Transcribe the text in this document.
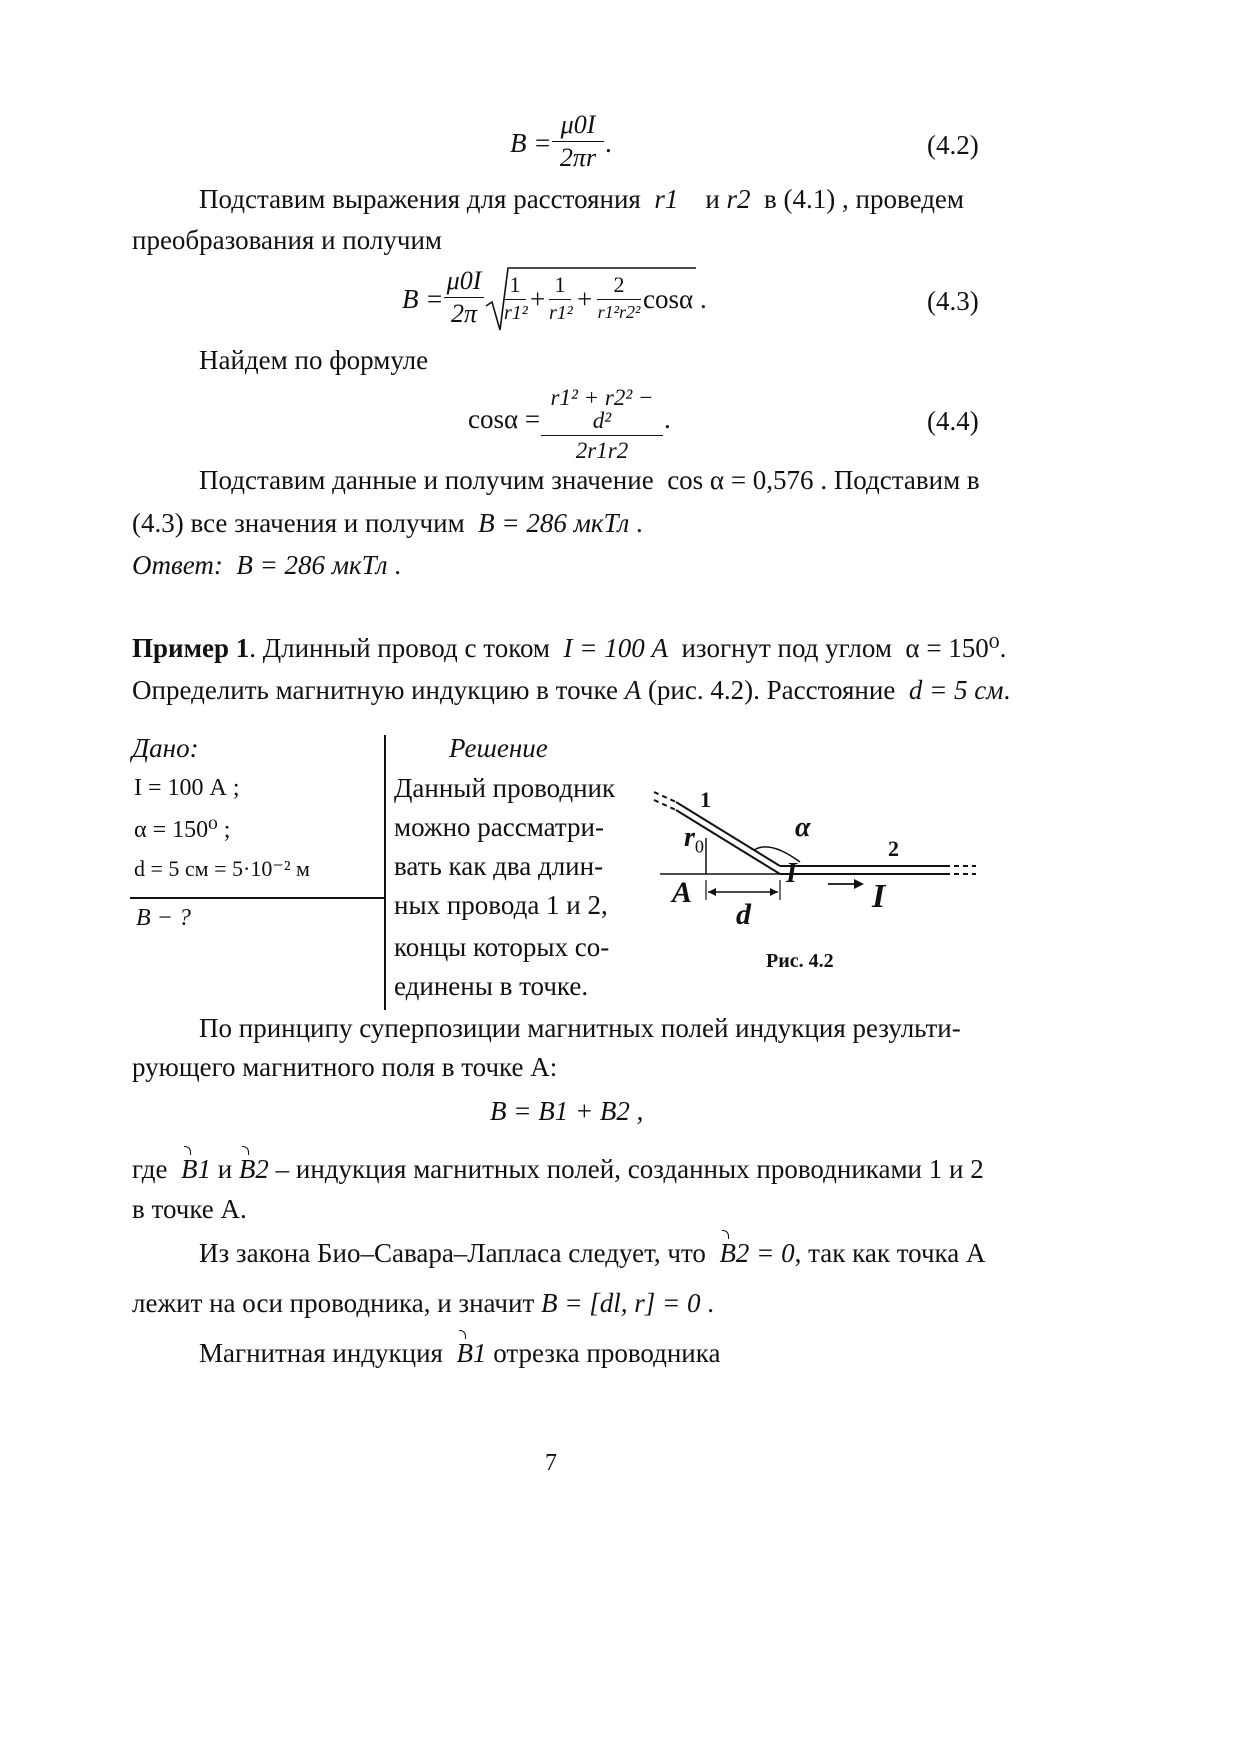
B =
μ0I
2πr .	(4.2)
Подставим выражения для расстояния r1 и r2 в (4.1) , проведем
преобразования и получим
B =
μ0I
2π
1
r1² + 1
r1² + 2
r1²r2² cosα .	(4.3)
Найдем по формуле
cosα =
r1² + r2² − d²
2r1r2
.	(4.4)
Подставим данные и получим значение cos α = 0,576 . Подставим в
(4.3) все значения и получим B = 286 мкТл .
Ответ: B = 286 мкТл .
Пример 1. Длинный провод с током I = 100 А изогнут под углом α = 150⁰.
Определить магнитную индукцию в точке А (рис. 4.2). Расстояние d = 5 см.
Дано:
I = 100 А ;
α = 150⁰ ;
d = 5 см = 5·10⁻² м
B − ?
Решение
Данный проводник
можно рассматри-
вать как два длин-
ных провода 1 и 2,
концы которых со-
единены в точке.
1
α
2
$r_0$
A
I
I
d
Рис. 4.2
По принципу суперпозиции магнитных полей индукция результи-
рующего магнитного поля в точке А:
B = B1 + B2 ,
где B1 и B2 – индукция магнитных полей, созданных проводниками 1 и 2
в точке А.
Из закона Био–Савара–Лапласа следует, что B2 = 0, так как точка А
лежит на оси проводника, и значит B = [dl, r] = 0 .
Магнитная индукция B1 отрезка проводника
7
